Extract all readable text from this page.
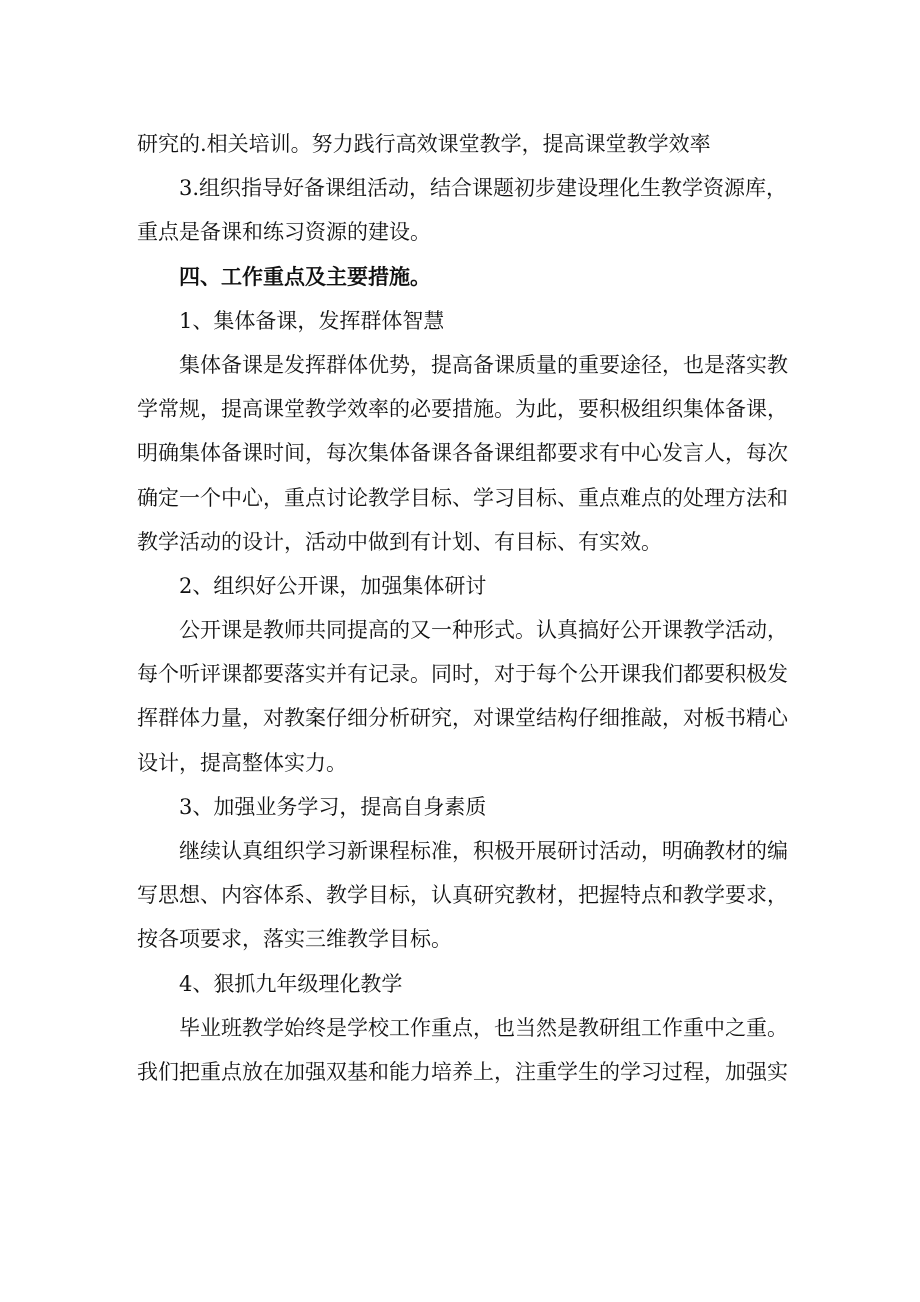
研究的.相关培训。努力践行高效课堂教学，提高课堂教学效率
3.组织指导好备课组活动，结合课题初步建设理化生教学资源库，
重点是备课和练习资源的建设。
四、工作重点及主要措施。
1、集体备课，发挥群体智慧
集体备课是发挥群体优势，提高备课质量的重要途径，也是落实教
学常规，提高课堂教学效率的必要措施。为此，要积极组织集体备课，
明确集体备课时间，每次集体备课各备课组都要求有中心发言人，每次
确定一个中心，重点讨论教学目标、学习目标、重点难点的处理方法和
教学活动的设计，活动中做到有计划、有目标、有实效。
2、组织好公开课，加强集体研讨
公开课是教师共同提高的又一种形式。认真搞好公开课教学活动，
每个听评课都要落实并有记录。同时，对于每个公开课我们都要积极发
挥群体力量，对教案仔细分析研究，对课堂结构仔细推敲，对板书精心
设计，提高整体实力。
3、加强业务学习，提高自身素质
继续认真组织学习新课程标准，积极开展研讨活动，明确教材的编
写思想、内容体系、教学目标，认真研究教材，把握特点和教学要求，
按各项要求，落实三维教学目标。
4、狠抓九年级理化教学
毕业班教学始终是学校工作重点，也当然是教研组工作重中之重。
我们把重点放在加强双基和能力培养上，注重学生的学习过程，加强实
